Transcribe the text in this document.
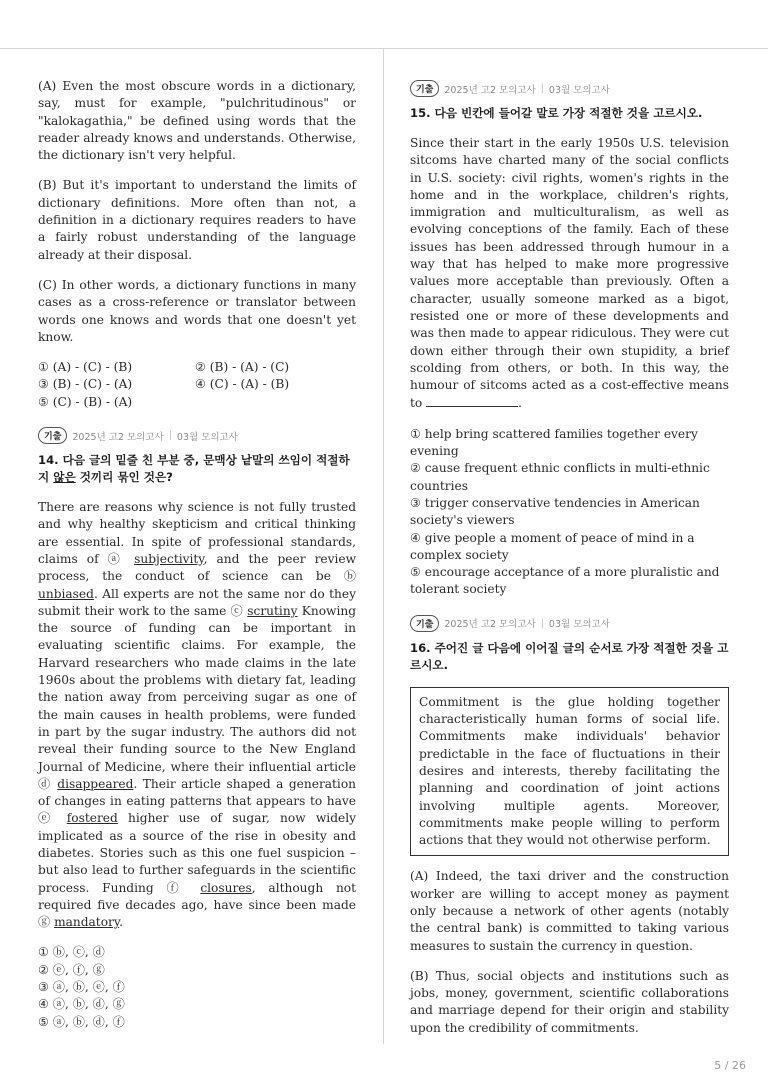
(A) Even the most obscure words in a dictionary, say, must for example, "pulchritudinous" or "kalokagathia," be defined using words that the reader already knows and understands. Otherwise, the dictionary isn't very helpful.

(B) But it's important to understand the limits of dictionary definitions. More often than not, a definition in a dictionary requires readers to have a fairly robust understanding of the language already at their disposal.

(C) In other words, a dictionary functions in many cases as a cross-reference or translator between words one knows and words that one doesn't yet know.

① (A) - (C) - (B)	② (B) - (A) - (C)
③ (B) - (C) - (A)	④ (C) - (A) - (B)
⑤ (C) - (B) - (A)
기출	2025년 고2 모의고사 | 03월 모의고사
14. 다음 글의 밑줄 친 부분 중, 문맥상 낱말의 쓰임이 적절하 지 않은 것끼리 묶인 것은?

There are reasons why science is not fully trusted and why healthy skepticism and critical thinking are essential. In spite of professional standards, claims of ⓐ subjectivity, and the peer review process, the conduct of science can be ⓑ unbiased. All experts are not the same nor do they submit their work to the same ⓒ scrutiny Knowing the source of funding can be important in evaluating scientific claims. For example, the Harvard researchers who made claims in the late 1960s about the problems with dietary fat, leading the nation away from perceiving sugar as one of the main causes in health problems, were funded in part by the sugar industry. The authors did not reveal their funding source to the New England Journal of Medicine, where their influential article ⓓ disappeared. Their article shaped a generation of changes in eating patterns that appears to have ⓔ fostered higher use of sugar, now widely implicated as a source of the rise in obesity and diabetes. Stories such as this one fuel suspicion – but also lead to further safeguards in the scientific process. Funding ⓕ closures, although not required five decades ago, have since been made ⓖ mandatory.

① ⓑ, ⓒ, ⓓ
② ⓔ, ⓕ, ⓖ
③ ⓐ, ⓑ, ⓔ, ⓕ
④ ⓐ, ⓑ, ⓓ, ⓖ
⑤ ⓐ, ⓑ, ⓓ, ⓕ
기출	2025년 고2 모의고사 | 03월 모의고사
15. 다음 빈칸에 들어갈 말로 가장 적절한 것을 고르시오.

Since their start in the early 1950s U.S. television sitcoms have charted many of the social conflicts in U.S. society: civil rights, women's rights in the home and in the workplace, children's rights, immigration and multiculturalism, as well as evolving conceptions of the family. Each of these issues has been addressed through humour in a way that has helped to make more progressive values more acceptable than previously. Often a character, usually someone marked as a bigot, resisted one or more of these developments and was then made to appear ridiculous. They were cut down either through their own stupidity, a brief scolding from others, or both. In this way, the humour of sitcoms acted as a cost-effective means to	.

① help bring scattered families together every evening
② cause frequent ethnic conflicts in multi-ethnic countries
③ trigger conservative tendencies in American society's viewers
④ give people a moment of peace of mind in a complex society
⑤ encourage acceptance of a more pluralistic and tolerant society
기출	2025년 고2 모의고사 | 03월 모의고사
16. 주어진 글 다음에 이어질 글의 순서로 가장 적절한 것을 고르시오.

Commitment is the glue holding together characteristically human forms of social life. Commitments make individuals' behavior predictable in the face of fluctuations in their desires and interests, thereby facilitating the planning and coordination of joint actions involving multiple agents. Moreover, commitments make people willing to perform actions that they would not otherwise perform.

(A) Indeed, the taxi driver and the construction worker are willing to accept money as payment only because a network of other agents (notably the central bank) is committed to taking various measures to sustain the currency in question.

(B) Thus, social objects and institutions such as jobs, money, government, scientific collaborations and marriage depend for their origin and stability upon the credibility of commitments.

5 / 26
